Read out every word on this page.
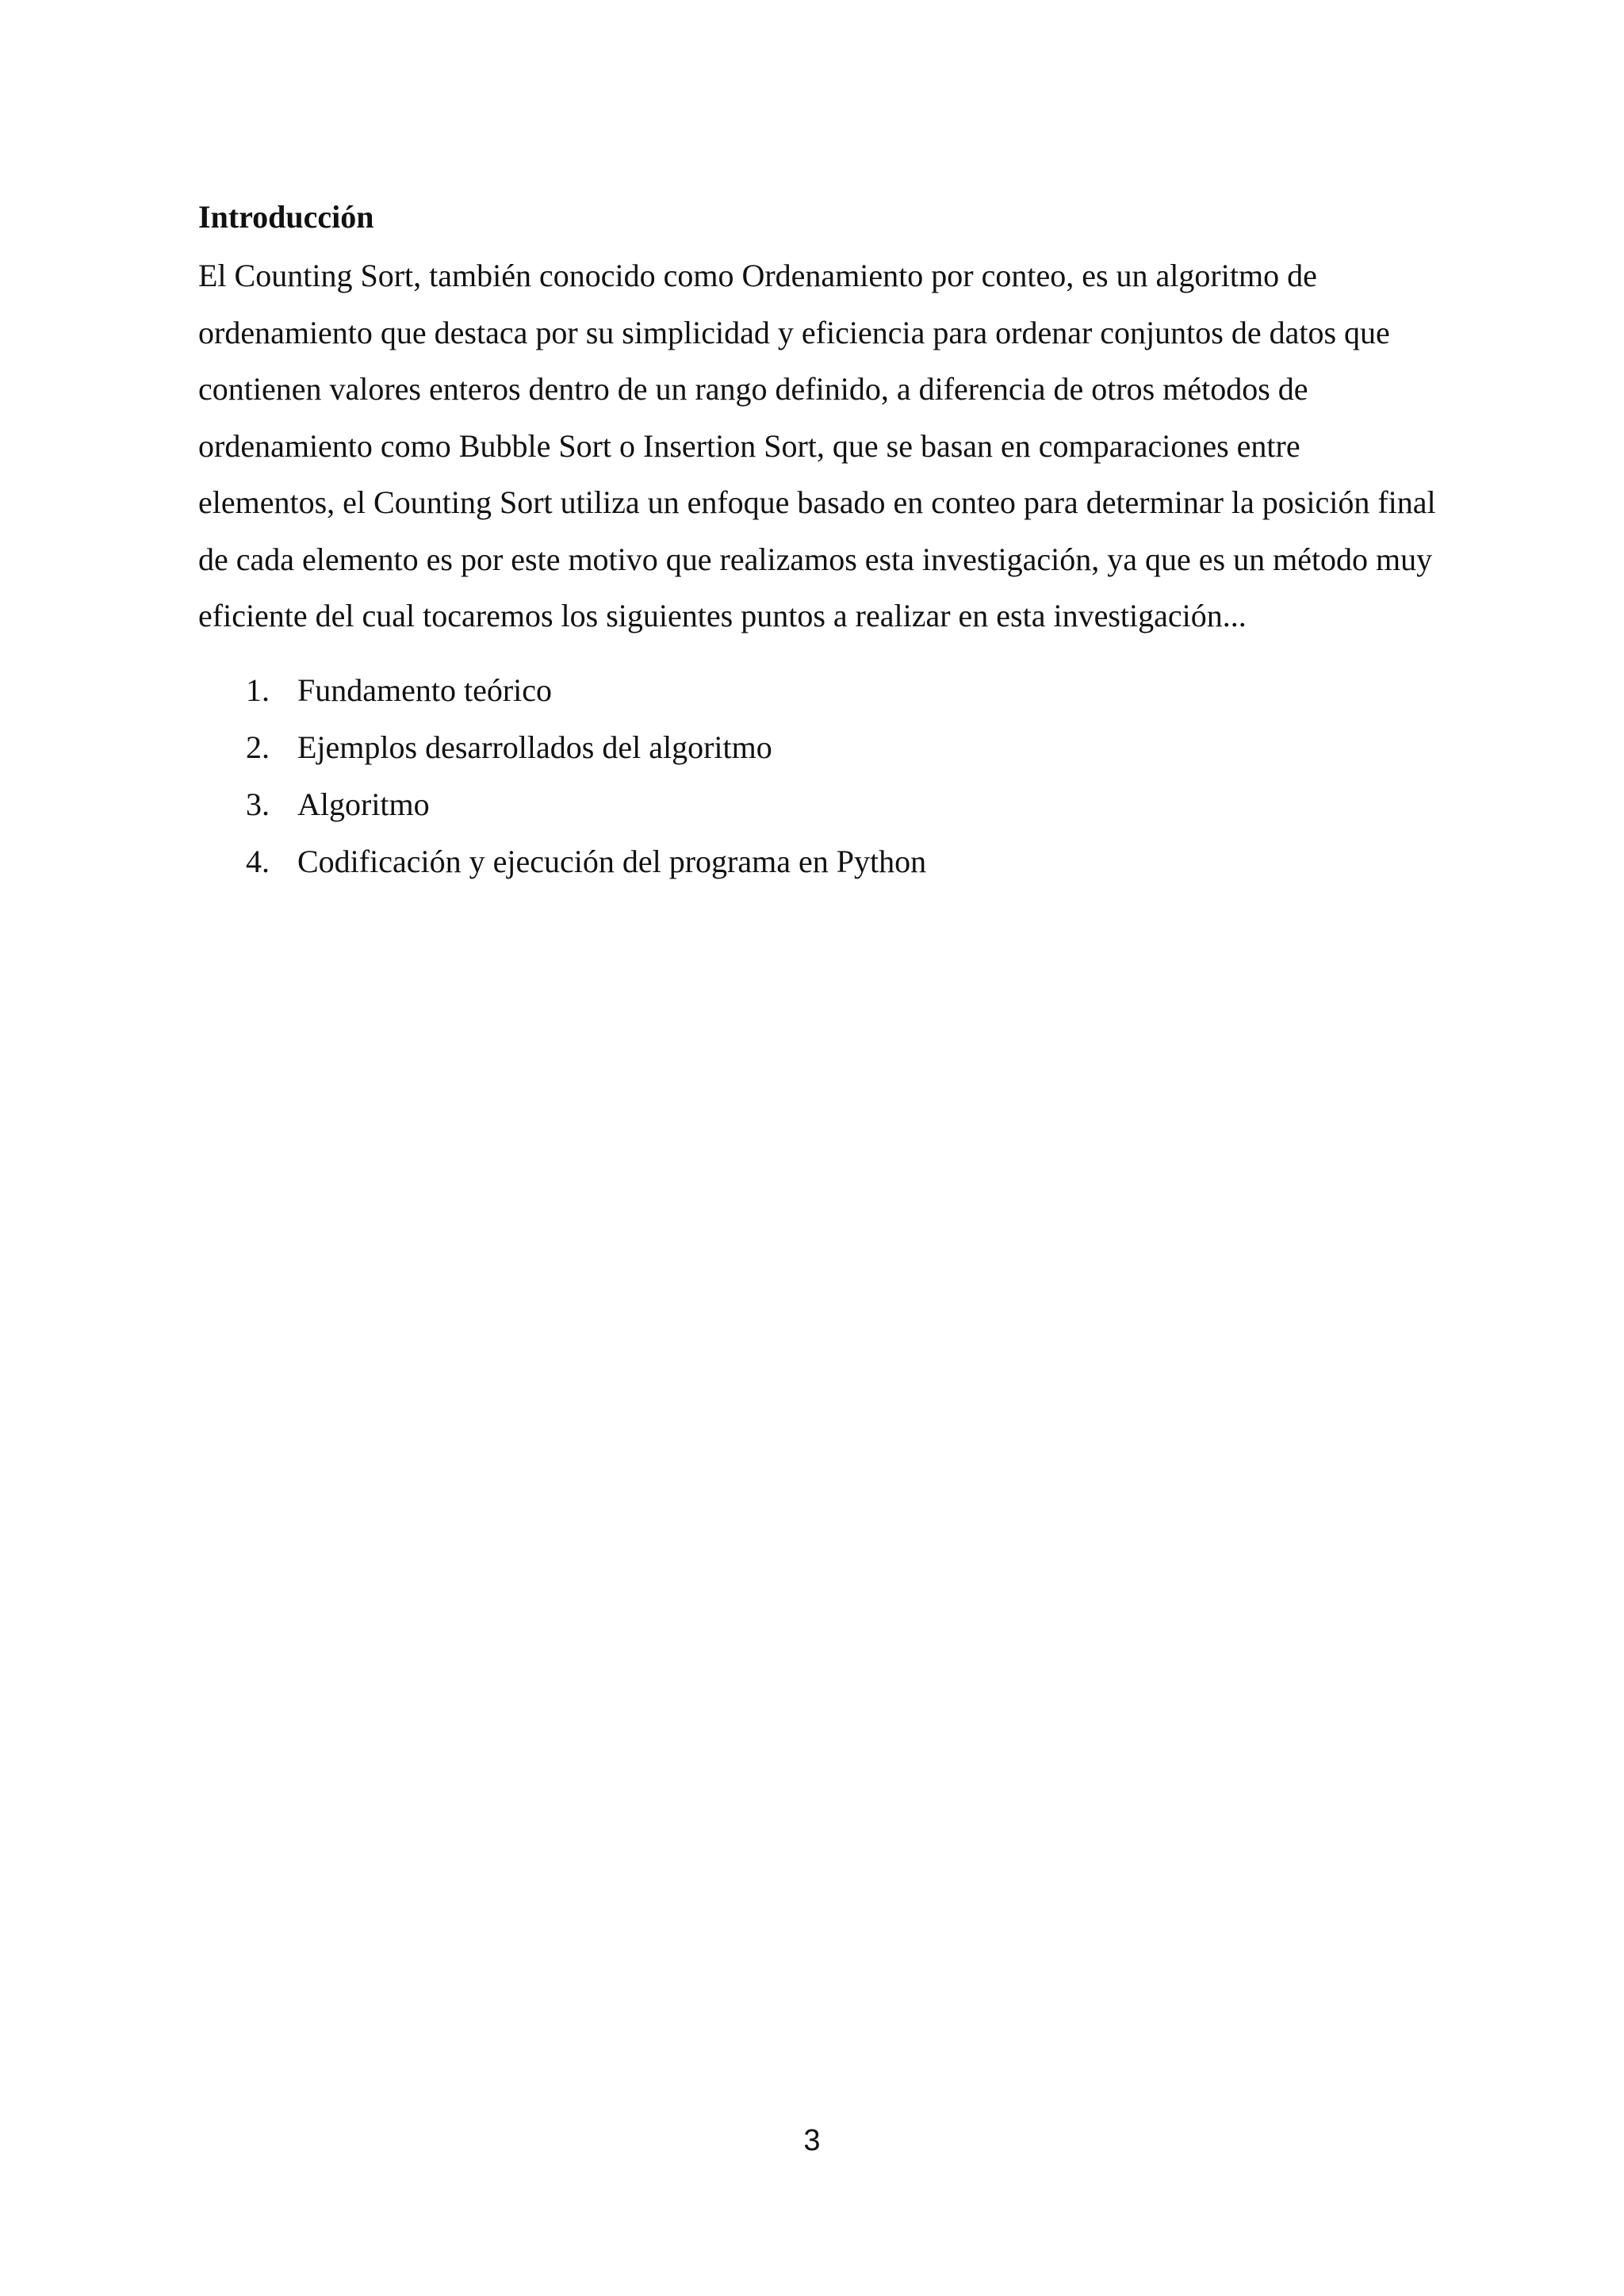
Introducción

El Counting Sort, también conocido como Ordenamiento por conteo, es un algoritmo de ordenamiento que destaca por su simplicidad y eficiencia para ordenar conjuntos de datos que contienen valores enteros dentro de un rango definido, a diferencia de otros métodos de ordenamiento como Bubble Sort o Insertion Sort, que se basan en comparaciones entre elementos, el Counting Sort utiliza un enfoque basado en conteo para determinar la posición final de cada elemento es por este motivo que realizamos esta investigación, ya que es un método muy eficiente del cual tocaremos los siguientes puntos a realizar en esta investigación...

1. Fundamento teórico
2. Ejemplos desarrollados del algoritmo
3. Algoritmo
4. Codificación y ejecución del programa en Python
3
